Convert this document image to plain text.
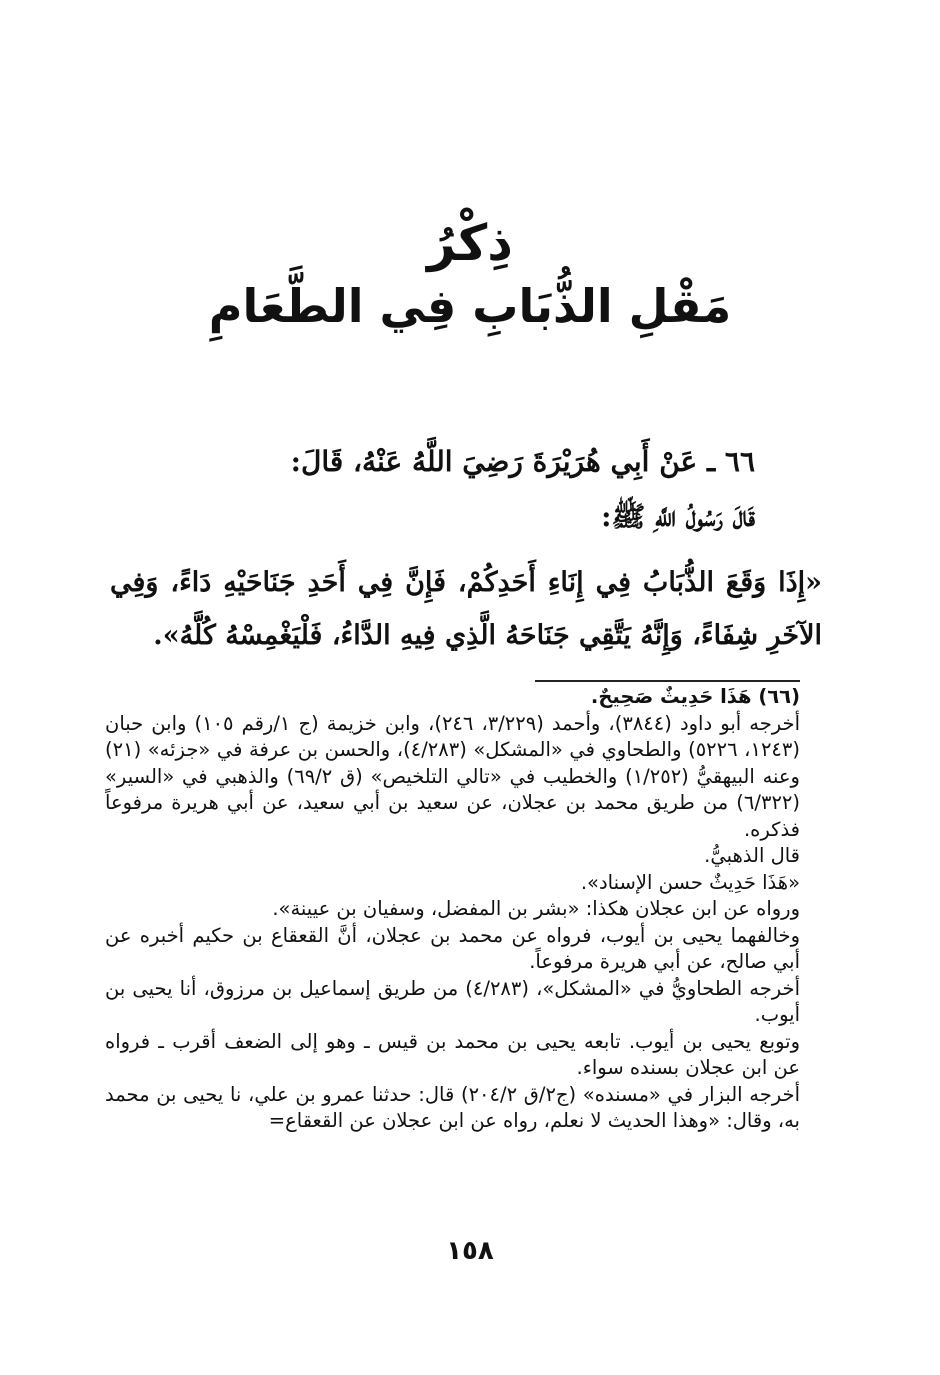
ذِكْرُ
مَقْلِ الذُّبَابِ فِي الطَّعَامِ
٦٦ ـ عَنْ أَبِي هُرَيْرَةَ رَضِيَ اللَّهُ عَنْهُ، قَالَ:
قَالَ رَسُولُ اللَّهِ ﷺ:
«إِذَا وَقَعَ الذُّبَابُ فِي إِنَاءِ أَحَدِكُمْ، فَإِنَّ فِي أَحَدِ جَنَاحَيْهِ دَاءً، وَفِي الآخَرِ شِفَاءً، وَإِنَّهُ يَتَّقِي جَنَاحَهُ الَّذِي فِيهِ الدَّاءُ، فَلْيَغْمِسْهُ كُلَّهُ».

(٦٦) هَذَا حَدِيثٌ صَحِيحٌ.

أخرجه أبو داود (٣٨٤٤)، وأحمد (٣/٢٢٩، ٢٤٦)، وابن خزيمة (ج ١/رقم ١٠٥) وابن حبان (١٢٤٣، ٥٢٢٦) والطحاوي في «المشكل» (٤/٢٨٣)، والحسن بن عرفة في «جزئه» (٢١) وعنه البيهقيُّ (١/٢٥٢) والخطيب في «تالي التلخيص» (ق ٦٩/٢) والذهبي في «السير» (٦/٣٢٢) من طريق محمد بن عجلان، عن سعيد بن أبي سعيد، عن أبي هريرة مرفوعاً فذكره.

قال الذهبيُّ.

«هَذَا حَدِيثٌ حسن الإسناد».

ورواه عن ابن عجلان هكذا: «بشر بن المفضل، وسفيان بن عيينة».

وخالفهما يحيى بن أيوب، فرواه عن محمد بن عجلان، أنَّ القعقاع بن حكيم أخبره عن أبي صالح، عن أبي هريرة مرفوعاً.

أخرجه الطحاويُّ في «المشكل»، (٤/٢٨٣) من طريق إسماعيل بن مرزوق، أنا يحيى بن أيوب.

وتوبع يحيى بن أيوب. تابعه يحيى بن محمد بن قيس ـ وهو إلى الضعف أقرب ـ فرواه عن ابن عجلان بسنده سواء.

أخرجه البزار في «مسنده» (ج٢/ق ٢٠٤/٢) قال: حدثنا عمرو بن علي، نا يحيى بن محمد به، وقال: «وهذا الحديث لا نعلم، رواه عن ابن عجلان عن القعقاع=

١٥٨
